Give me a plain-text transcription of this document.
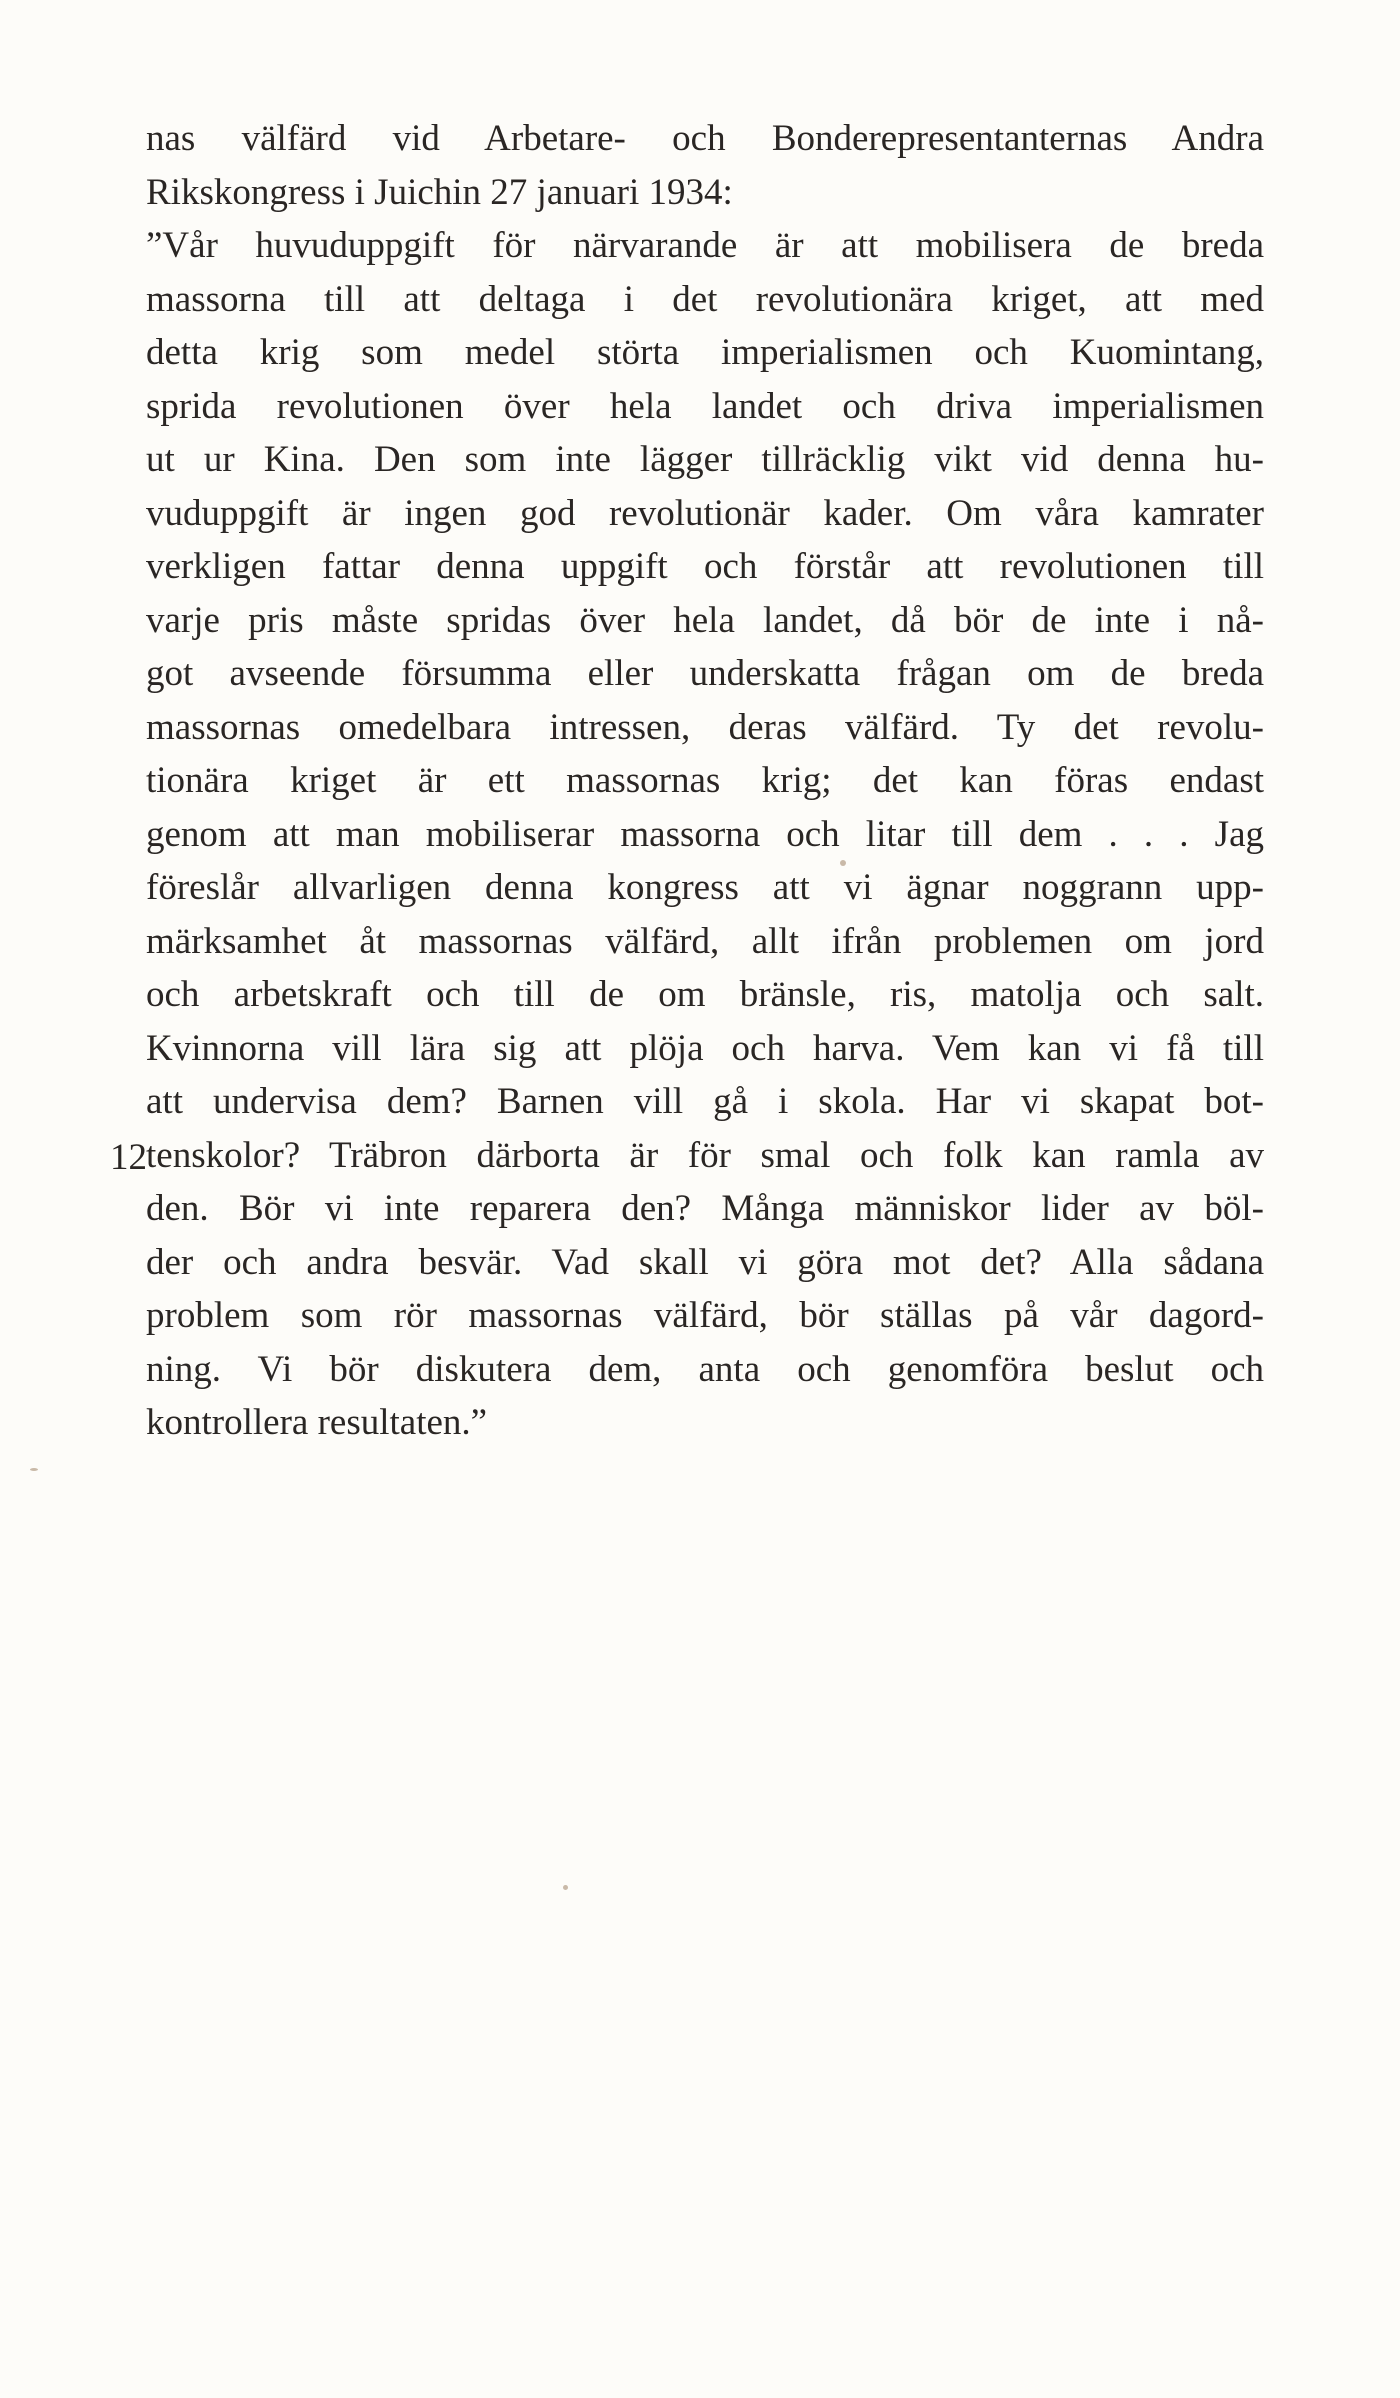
nas välfärd vid Arbetare- och Bonderepresentanternas Andra
Rikskongress i Juichin 27 januari 1934:
”Vår huvuduppgift för närvarande är att mobilisera de breda
massorna till att deltaga i det revolutionära kriget, att med
detta krig som medel störta imperialismen och Kuomintang,
sprida revolutionen över hela landet och driva imperialismen
ut ur Kina. Den som inte lägger tillräcklig vikt vid denna hu-
vuduppgift är ingen god revolutionär kader. Om våra kamrater
verkligen fattar denna uppgift och förstår att revolutionen till
varje pris måste spridas över hela landet, då bör de inte i nå-
got avseende försumma eller underskatta frågan om de breda
massornas omedelbara intressen, deras välfärd. Ty det revolu-
tionära kriget är ett massornas krig; det kan föras endast
genom att man mobiliserar massorna och litar till dem . . . Jag
föreslår allvarligen denna kongress att vi ägnar noggrann upp-
märksamhet åt massornas välfärd, allt ifrån problemen om jord
och arbetskraft och till de om bränsle, ris, matolja och salt.
Kvinnorna vill lära sig att plöja och harva. Vem kan vi få till
att undervisa dem? Barnen vill gå i skola. Har vi skapat bot-
tenskolor? Träbron därborta är för smal och folk kan ramla av
den. Bör vi inte reparera den? Många människor lider av böl-
der och andra besvär. Vad skall vi göra mot det? Alla sådana
problem som rör massornas välfärd, bör ställas på vår dagord-
ning. Vi bör diskutera dem, anta och genomföra beslut och
kontrollera resultaten.”
12
